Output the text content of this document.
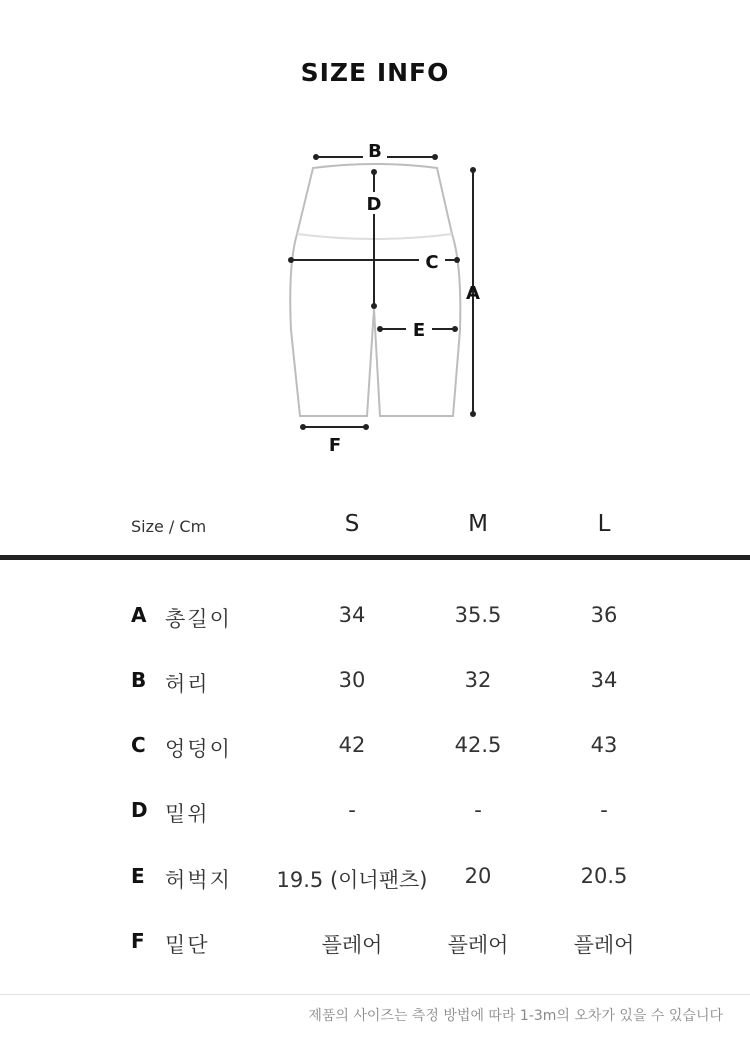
SIZE INFO
B
D
C
E
A
F
Size / Cm	S	M	L
A 총길이	34	35.5	36
B 허리	30	32	34
C 엉덩이	42	42.5	43
D 밑위	-	-	-
E 허벅지	19.5 (이너팬츠)	20	20.5
F 밑단	플레어	플레어	플레어
제품의 사이즈는 측정 방법에 따라 1-3m의 오차가 있을 수 있습니다
